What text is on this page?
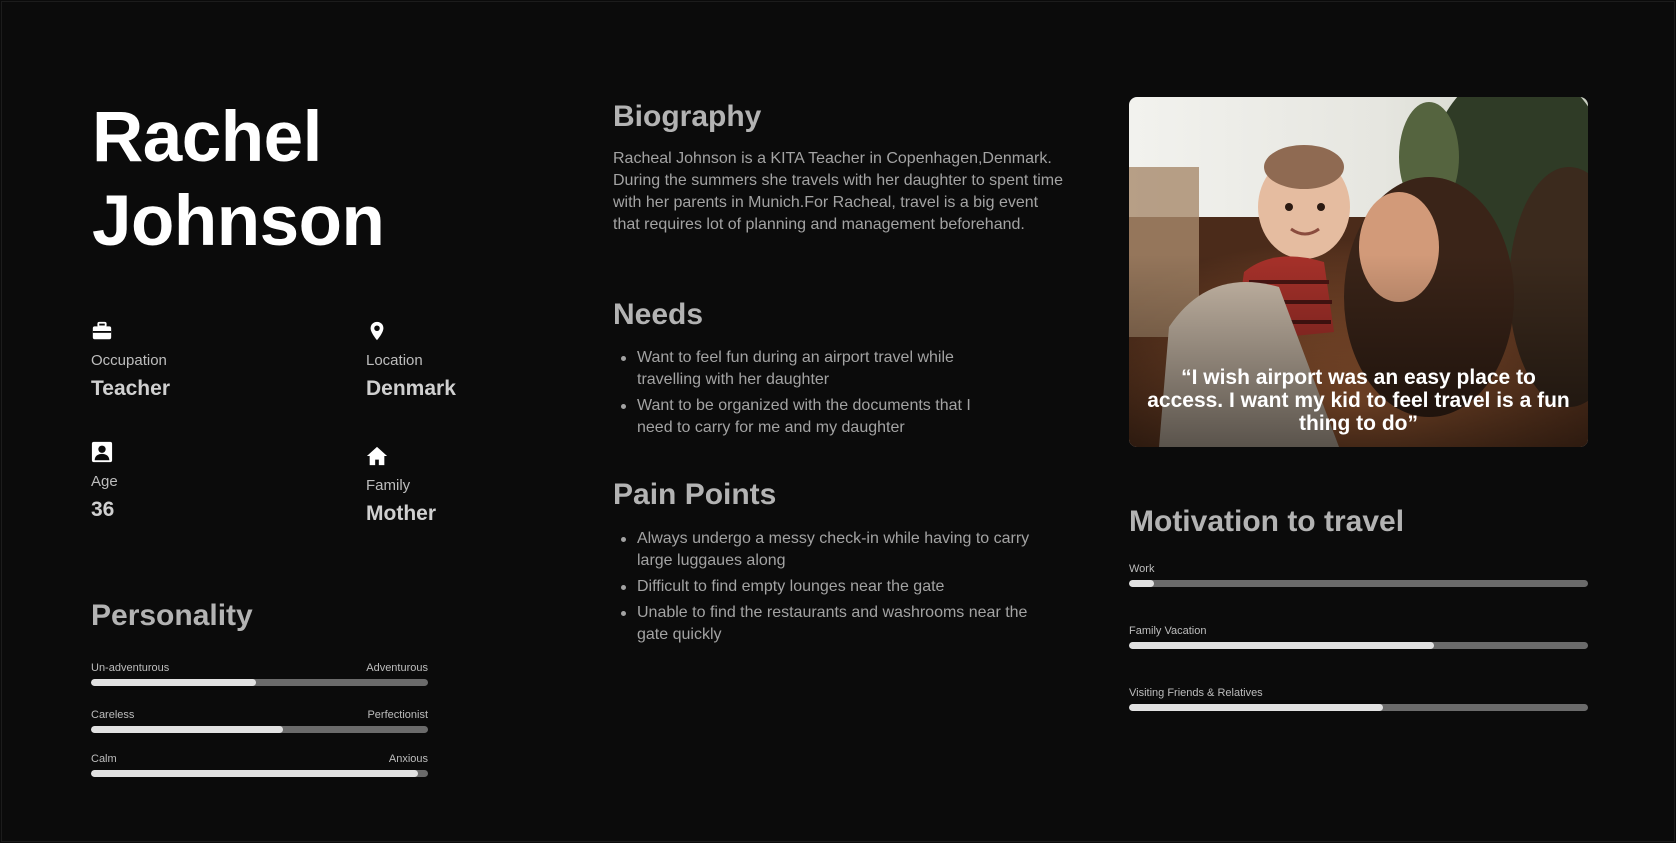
Rachel
Johnson
Occupation
Teacher
Location
Denmark
Age
36
Family
Mother
Personality
Un-adventurous	Adventurous
Careless	Perfectionist
Calm	Anxious
Biography

Racheal Johnson is a KITA Teacher in Copenhagen,Denmark. During the summers she travels with her daughter to spent time with her parents in Munich.For Racheal, travel is a big event that requires lot of planning and management beforehand.

Needs
Want to feel fun during an airport travel while travelling with her daughter
Want to be organized with the documents that I need to carry for me and my daughter
Pain Points
Always undergo a messy check-in while having to carry large luggaues along
Difficult to find empty lounges near the gate
Unable to find the restaurants and washrooms near the gate quickly
“I wish airport was an easy place to access. I want my kid to feel travel is a fun thing to do”
Motivation to travel
Work
Family Vacation
Visiting Friends & Relatives
